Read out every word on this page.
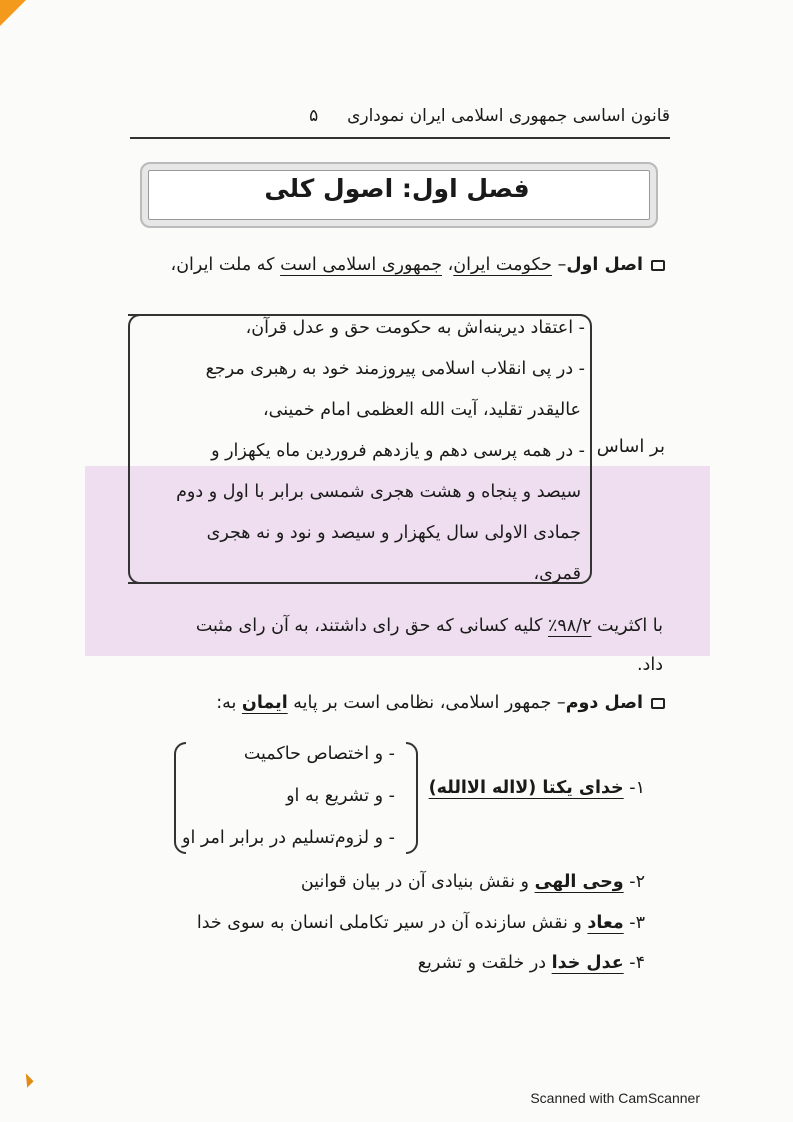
قانون اساسی جمهوری اسلامی ایران نموداری  ۵
فصل اول: اصول کلی
اصل اول– حکومت ایران، جمهوری اسلامی است که ملت ایران،
بر اساس
- اعتقاد دیرینه‌اش به حکومت حق و عدل قرآن،
- در پی انقلاب اسلامی پیروزمند خود به رهبری مرجع
عالیقدر تقلید، آیت الله العظمی امام خمینی،
- در همه پرسی دهم و یازدهم فروردین ماه یکهزار و
سیصد و پنجاه و هشت هجری شمسی برابر با اول و دوم
جمادی الاولی سال یکهزار و سیصد و نود و نه هجری
قمری،
با اکثریت ۹۸/۲٪ کلیه کسانی که حق رای داشتند، به آن رای مثبت
داد.
اصل دوم– جمهور اسلامی، نظامی است بر پایه ایمان به:
۱- خدای یکتا (لااله الاالله)
- و اختصاص حاکمیت
- و تشریع به او
- و لزوم‌تسلیم در برابر امر او
۲- وحی الهی و نقش بنیادی آن در بیان قوانین
۳- معاد و نقش سازنده آن در سیر تکاملی انسان به سوی خدا
۴- عدل خدا در خلقت و تشریع
Scanned with CamScanner
